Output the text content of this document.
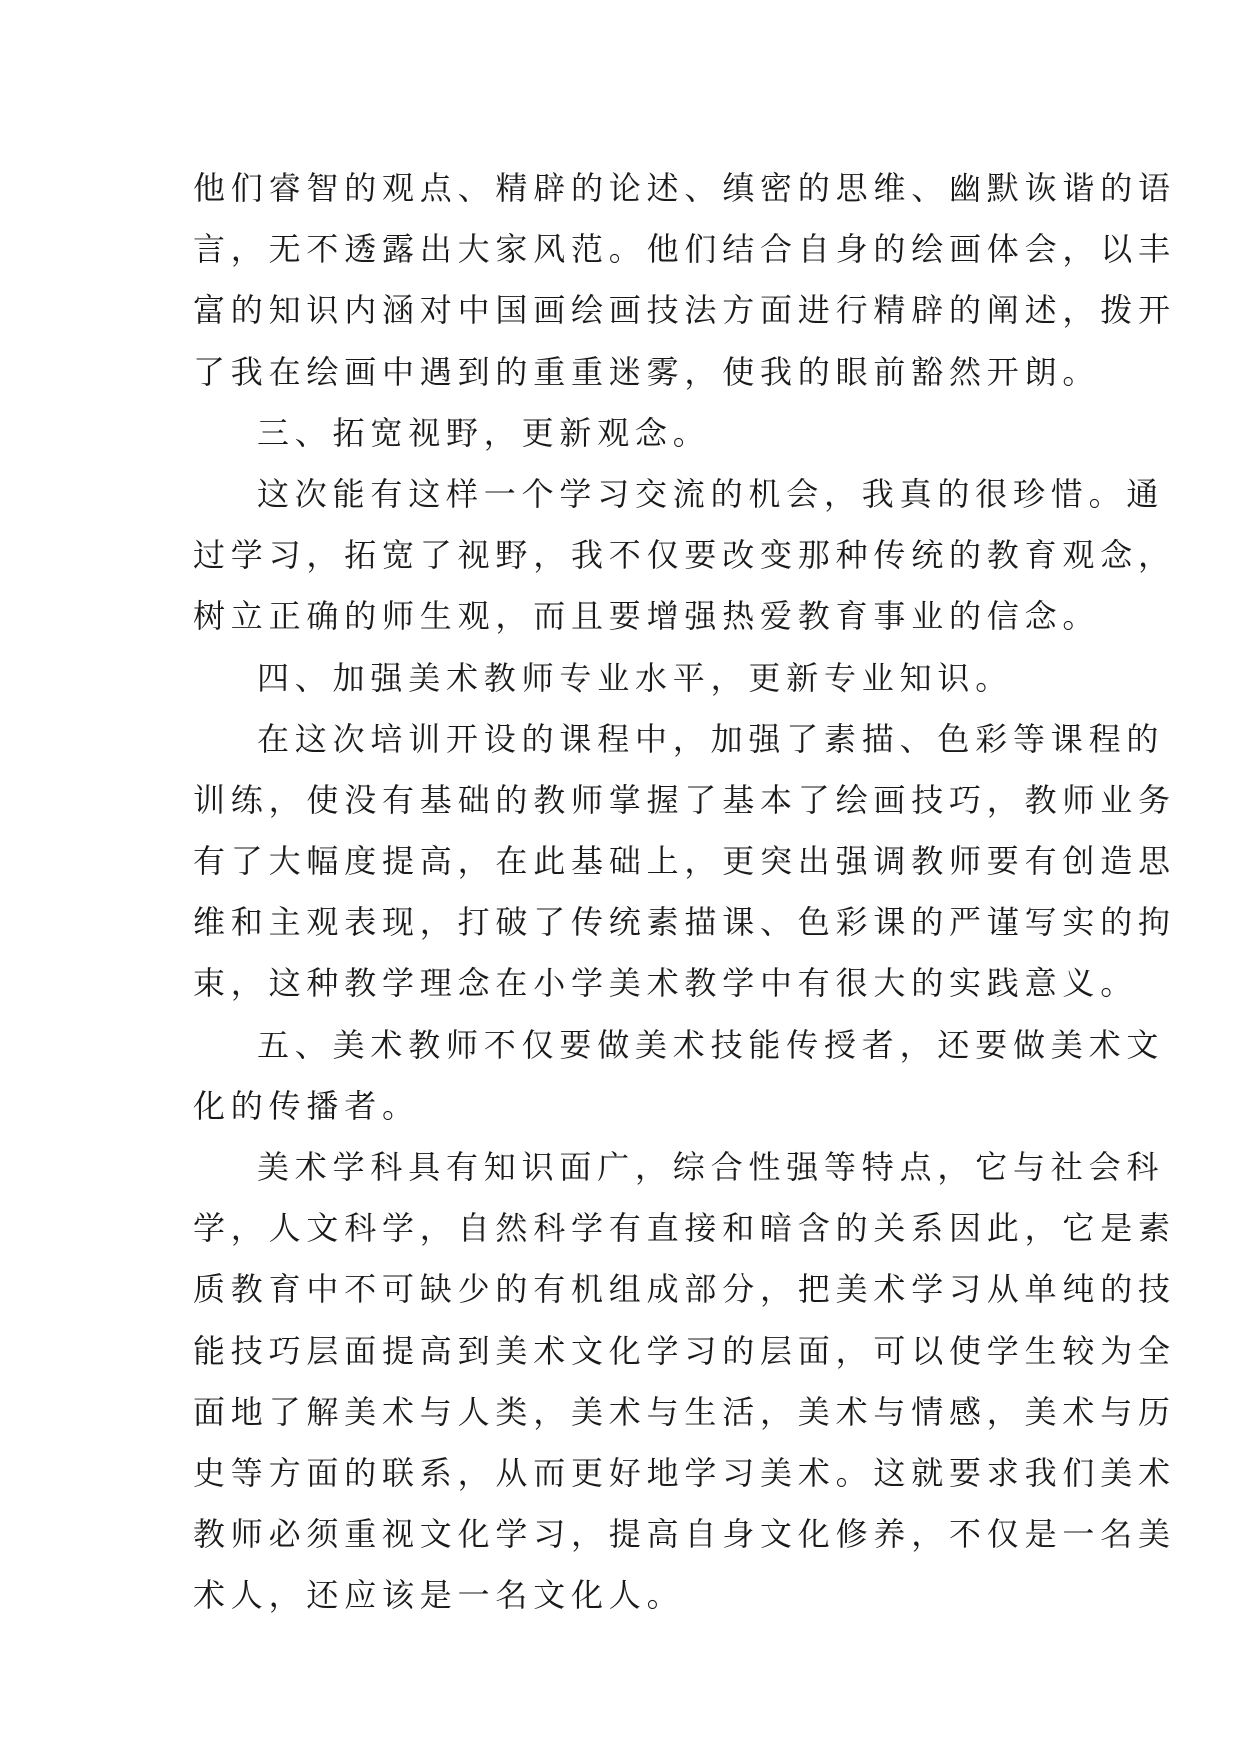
他们睿智的观点、精辟的论述、缜密的思维、幽默诙谐的语
言，无不透露出大家风范。他们结合自身的绘画体会，以丰
富的知识内涵对中国画绘画技法方面进行精辟的阐述，拨开
了我在绘画中遇到的重重迷雾，使我的眼前豁然开朗。
三、拓宽视野，更新观念。
这次能有这样一个学习交流的机会，我真的很珍惜。通
过学习，拓宽了视野，我不仅要改变那种传统的教育观念，
树立正确的师生观，而且要增强热爱教育事业的信念。
四、加强美术教师专业水平，更新专业知识。
在这次培训开设的课程中，加强了素描、色彩等课程的
训练，使没有基础的教师掌握了基本了绘画技巧，教师业务
有了大幅度提高，在此基础上，更突出强调教师要有创造思
维和主观表现，打破了传统素描课、色彩课的严谨写实的拘
束，这种教学理念在小学美术教学中有很大的实践意义。
五、美术教师不仅要做美术技能传授者，还要做美术文
化的传播者。
美术学科具有知识面广，综合性强等特点，它与社会科
学，人文科学，自然科学有直接和暗含的关系因此，它是素
质教育中不可缺少的有机组成部分，把美术学习从单纯的技
能技巧层面提高到美术文化学习的层面，可以使学生较为全
面地了解美术与人类，美术与生活，美术与情感，美术与历
史等方面的联系，从而更好地学习美术。这就要求我们美术
教师必须重视文化学习，提高自身文化修养，不仅是一名美
术人，还应该是一名文化人。
